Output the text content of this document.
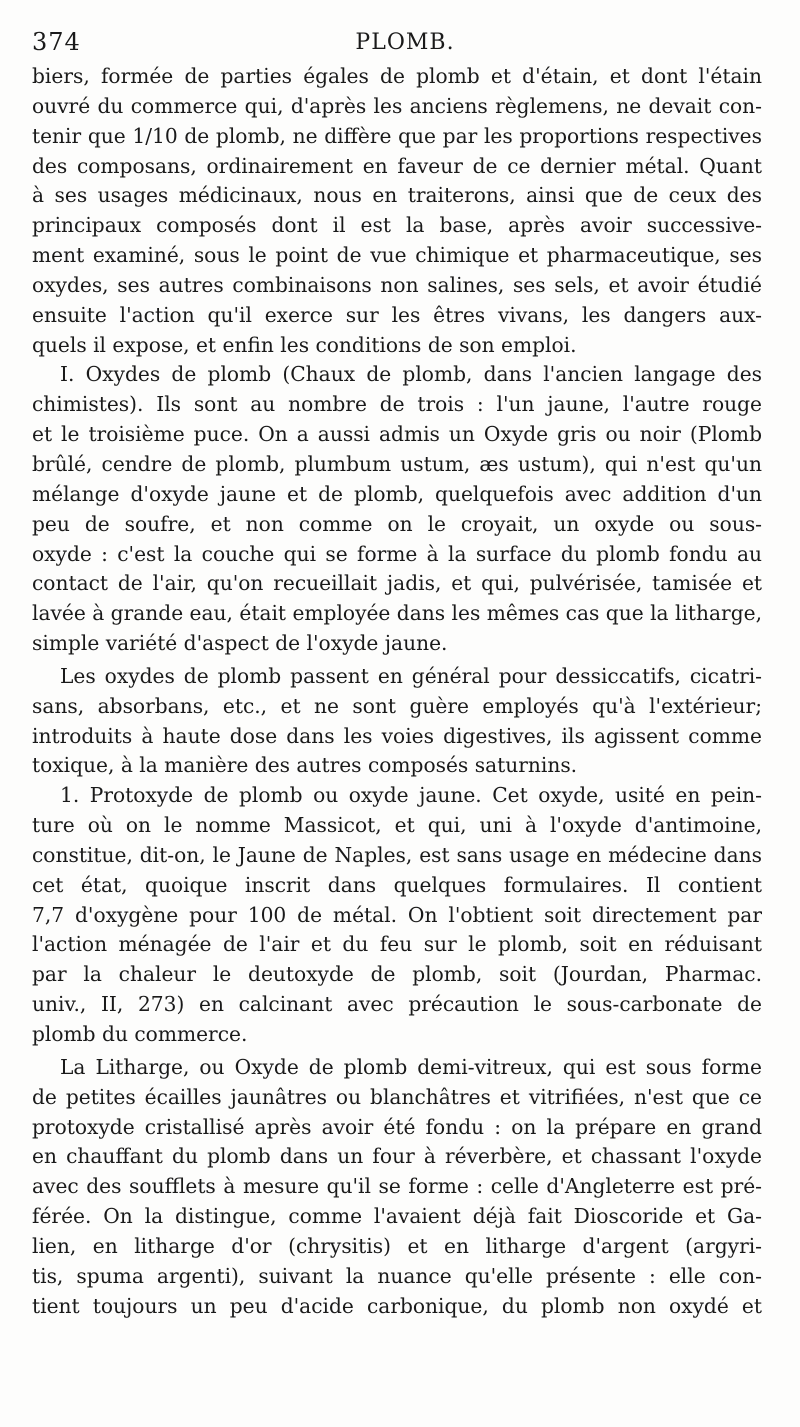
374	PLOMB.
biers, formée de parties égales de plomb et d'étain, et dont l'étain
ouvré du commerce qui, d'après les anciens règlemens, ne devait con-
tenir que 1/10 de plomb, ne diffère que par les proportions respectives
des composans, ordinairement en faveur de ce dernier métal. Quant
à ses usages médicinaux, nous en traiterons, ainsi que de ceux des
principaux composés dont il est la base, après avoir successive-
ment examiné, sous le point de vue chimique et pharmaceutique, ses
oxydes, ses autres combinaisons non salines, ses sels, et avoir étudié
ensuite l'action qu'il exerce sur les êtres vivans, les dangers aux-
quels il expose, et enfin les conditions de son emploi.
I. Oxydes de plomb (Chaux de plomb, dans l'ancien langage des
chimistes). Ils sont au nombre de trois : l'un jaune, l'autre rouge
et le troisième puce. On a aussi admis un Oxyde gris ou noir (Plomb
brûlé, cendre de plomb, plumbum ustum, æs ustum), qui n'est qu'un
mélange d'oxyde jaune et de plomb, quelquefois avec addition d'un
peu de soufre, et non comme on le croyait, un oxyde ou sous-
oxyde : c'est la couche qui se forme à la surface du plomb fondu au
contact de l'air, qu'on recueillait jadis, et qui, pulvérisée, tamisée et
lavée à grande eau, était employée dans les mêmes cas que la litharge,
simple variété d'aspect de l'oxyde jaune.
Les oxydes de plomb passent en général pour dessiccatifs, cicatri-
sans, absorbans, etc., et ne sont guère employés qu'à l'extérieur;
introduits à haute dose dans les voies digestives, ils agissent comme
toxique, à la manière des autres composés saturnins.
1. Protoxyde de plomb ou oxyde jaune. Cet oxyde, usité en pein-
ture où on le nomme Massicot, et qui, uni à l'oxyde d'antimoine,
constitue, dit-on, le Jaune de Naples, est sans usage en médecine dans
cet état, quoique inscrit dans quelques formulaires. Il contient
7,7 d'oxygène pour 100 de métal. On l'obtient soit directement par
l'action ménagée de l'air et du feu sur le plomb, soit en réduisant
par la chaleur le deutoxyde de plomb, soit (Jourdan, Pharmac.
univ., II, 273) en calcinant avec précaution le sous-carbonate de
plomb du commerce.
La Litharge, ou Oxyde de plomb demi-vitreux, qui est sous forme
de petites écailles jaunâtres ou blanchâtres et vitrifiées, n'est que ce
protoxyde cristallisé après avoir été fondu : on la prépare en grand
en chauffant du plomb dans un four à réverbère, et chassant l'oxyde
avec des soufflets à mesure qu'il se forme : celle d'Angleterre est pré-
férée. On la distingue, comme l'avaient déjà fait Dioscoride et Ga-
lien, en litharge d'or (chrysitis) et en litharge d'argent (argyri-
tis, spuma argenti), suivant la nuance qu'elle présente : elle con-
tient toujours un peu d'acide carbonique, du plomb non oxydé et
